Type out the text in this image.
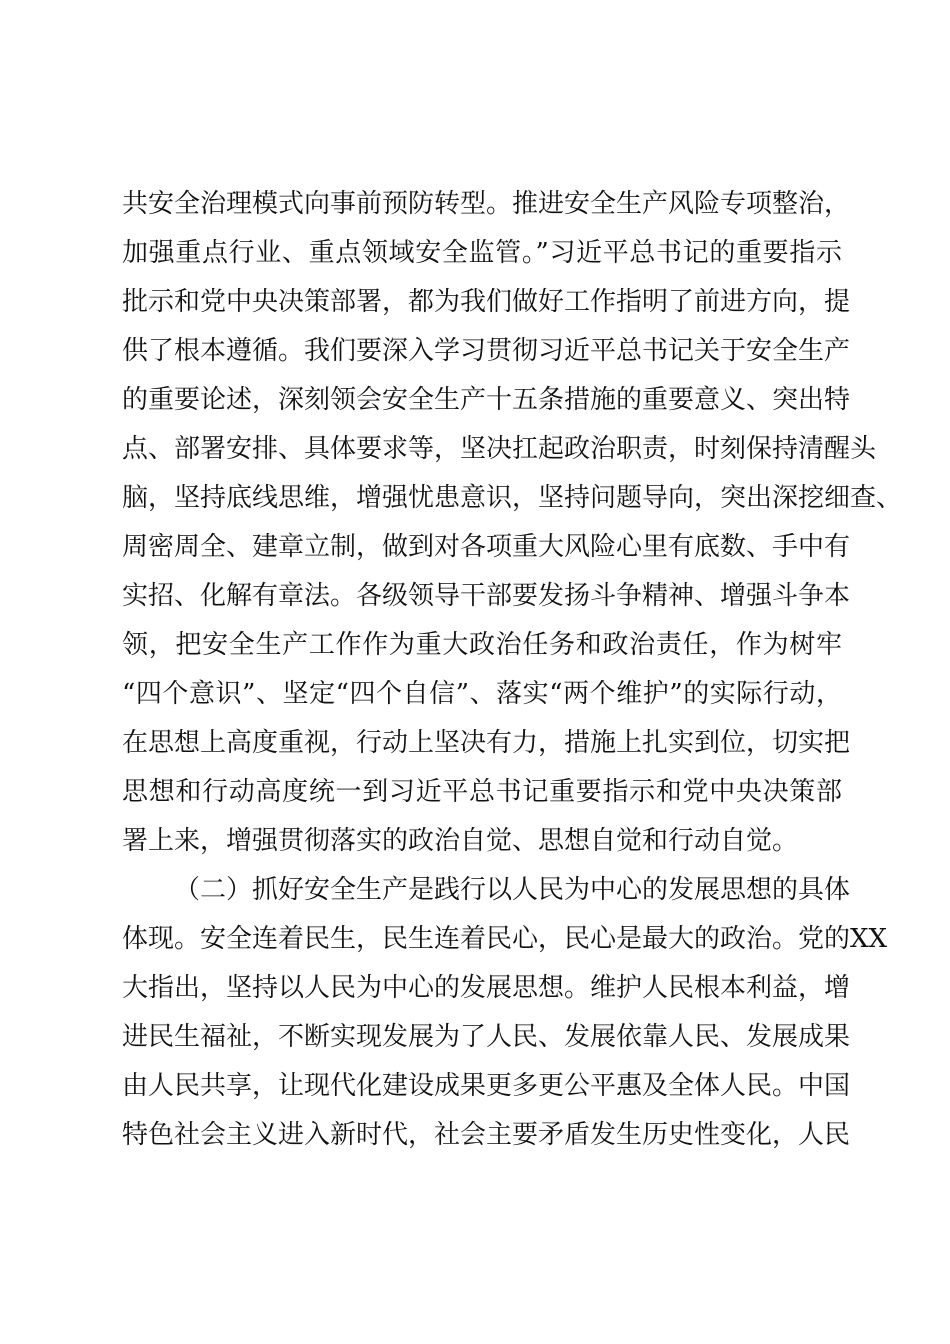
共安全治理模式向事前预防转型。推进安全生产风险专项整治，
加强重点行业、重点领域安全监管。”习近平总书记的重要指示
批示和党中央决策部署，都为我们做好工作指明了前进方向，提
供了根本遵循。我们要深入学习贯彻习近平总书记关于安全生产
的重要论述，深刻领会安全生产十五条措施的重要意义、突出特
点、部署安排、具体要求等，坚决扛起政治职责，时刻保持清醒头
脑，坚持底线思维，增强忧患意识，坚持问题导向，突出深挖细查、
周密周全、建章立制，做到对各项重大风险心里有底数、手中有
实招、化解有章法。各级领导干部要发扬斗争精神、增强斗争本
领，把安全生产工作作为重大政治任务和政治责任，作为树牢
“四个意识”、坚定“四个自信”、落实“两个维护”的实际行动，
在思想上高度重视，行动上坚决有力，措施上扎实到位，切实把
思想和行动高度统一到习近平总书记重要指示和党中央决策部
署上来，增强贯彻落实的政治自觉、思想自觉和行动自觉。
（二）抓好安全生产是践行以人民为中心的发展思想的具体
体现。安全连着民生，民生连着民心，民心是最大的政治。党的XX
大指出，坚持以人民为中心的发展思想。维护人民根本利益，增
进民生福祉，不断实现发展为了人民、发展依靠人民、发展成果
由人民共享，让现代化建设成果更多更公平惠及全体人民。中国
特色社会主义进入新时代，社会主要矛盾发生历史性变化，人民
